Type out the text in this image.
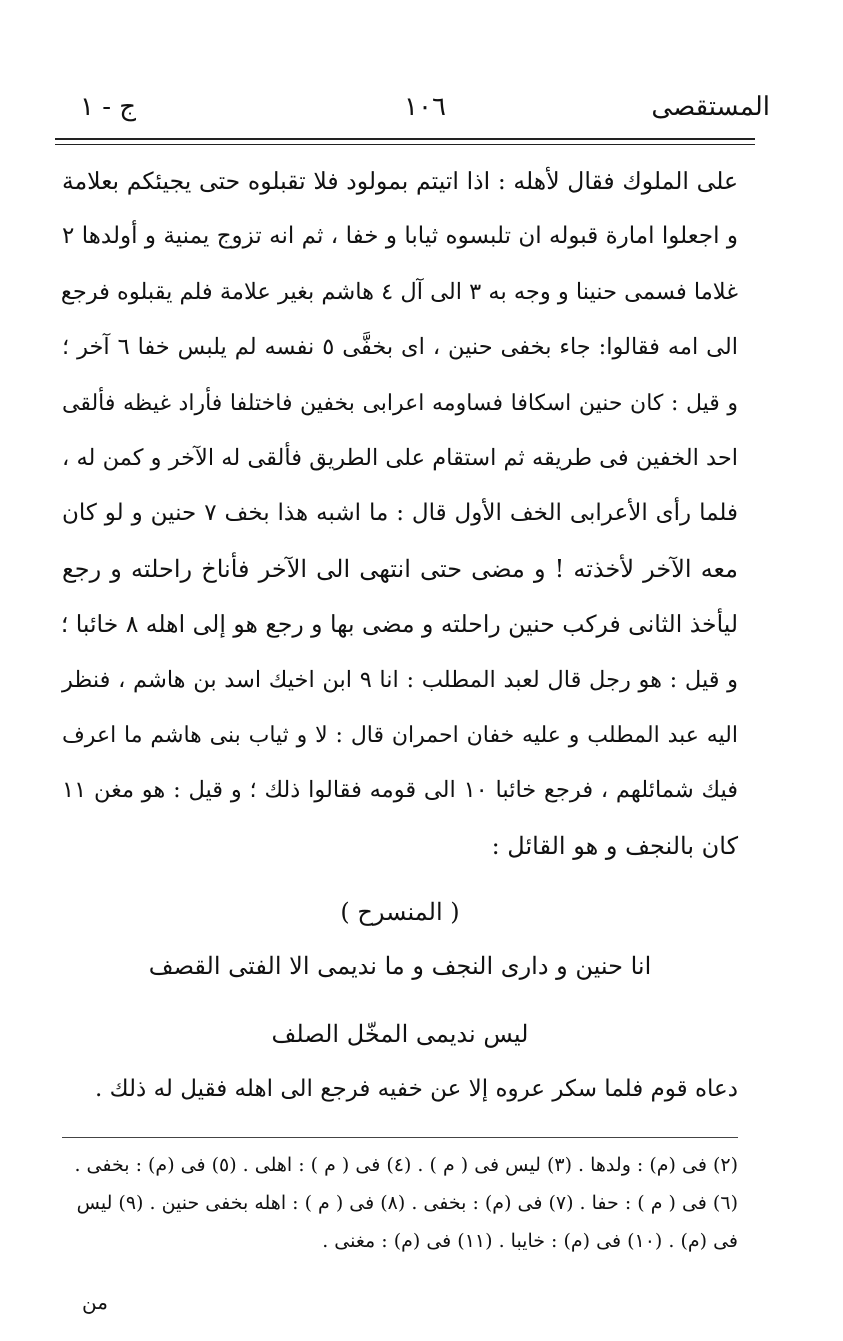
المستقصى
١٠٦
ج - ١
على الملوك فقال لأهله : اذا اتيتم بمولود فلا تقبلوه حتى يجيئكم بعلامة
و اجعلوا امارة قبوله ان تلبسوه ثيابا و خفا ، ثم انه تزوج يمنية و أولدها ٢
غلاما فسمى حنينا و وجه به ٣ الى آل ٤ هاشم بغير علامة فلم يقبلوه فرجع
الى امه فقالوا: جاء بخفى حنين ، اى بخفَّى ٥ نفسه لم يلبس خفا ٦ آخر ؛
و قيل : كان حنين اسكافا فساومه اعرابى بخفين فاختلفا فأراد غيظه فألقى
احد الخفين فى طريقه ثم استقام على الطريق فألقى له الآخر و كمن له ،
فلما رأى الأعرابى الخف الأول قال : ما اشبه هذا بخف ٧ حنين و لو كان
معه الآخر لأخذته ! و مضى حتى انتهى الى الآخر فأناخ راحلته و رجع
ليأخذ الثانى فركب حنين راحلته و مضى بها و رجع هو إلى اهله ٨ خائبا ؛
و قيل : هو رجل قال لعبد المطلب : انا ٩ ابن اخيك اسد بن هاشم ، فنظر
اليه عبد المطلب و عليه خفان احمران قال : لا و ثياب بنى هاشم ما اعرف
فيك شمائلهم ، فرجع خائبا ١٠ الى قومه فقالوا ذلك ؛ و قيل : هو مغن ١١
كان بالنجف و هو القائل :
( المنسرح )
انا حنين و دارى النجف و ما نديمى الا الفتى القصف
ليس نديمى المخّل الصلف
دعاه قوم فلما سكر عروه إلا عن خفيه فرجع الى اهله فقيل له ذلك .
(٢) فى (م) : ولدها . (٣) ليس فى ( م ) . (٤) فى ( م ) : اهلى . (٥) فى (م) : بخفى .
(٦) فى ( م ) : حفا . (٧) فى (م) : بخفى . (٨) فى ( م ) : اهله بخفى حنين . (٩) ليس
فى (م) . (١٠) فى (م) : خايبا . (١١) فى (م) : مغنى .
من
